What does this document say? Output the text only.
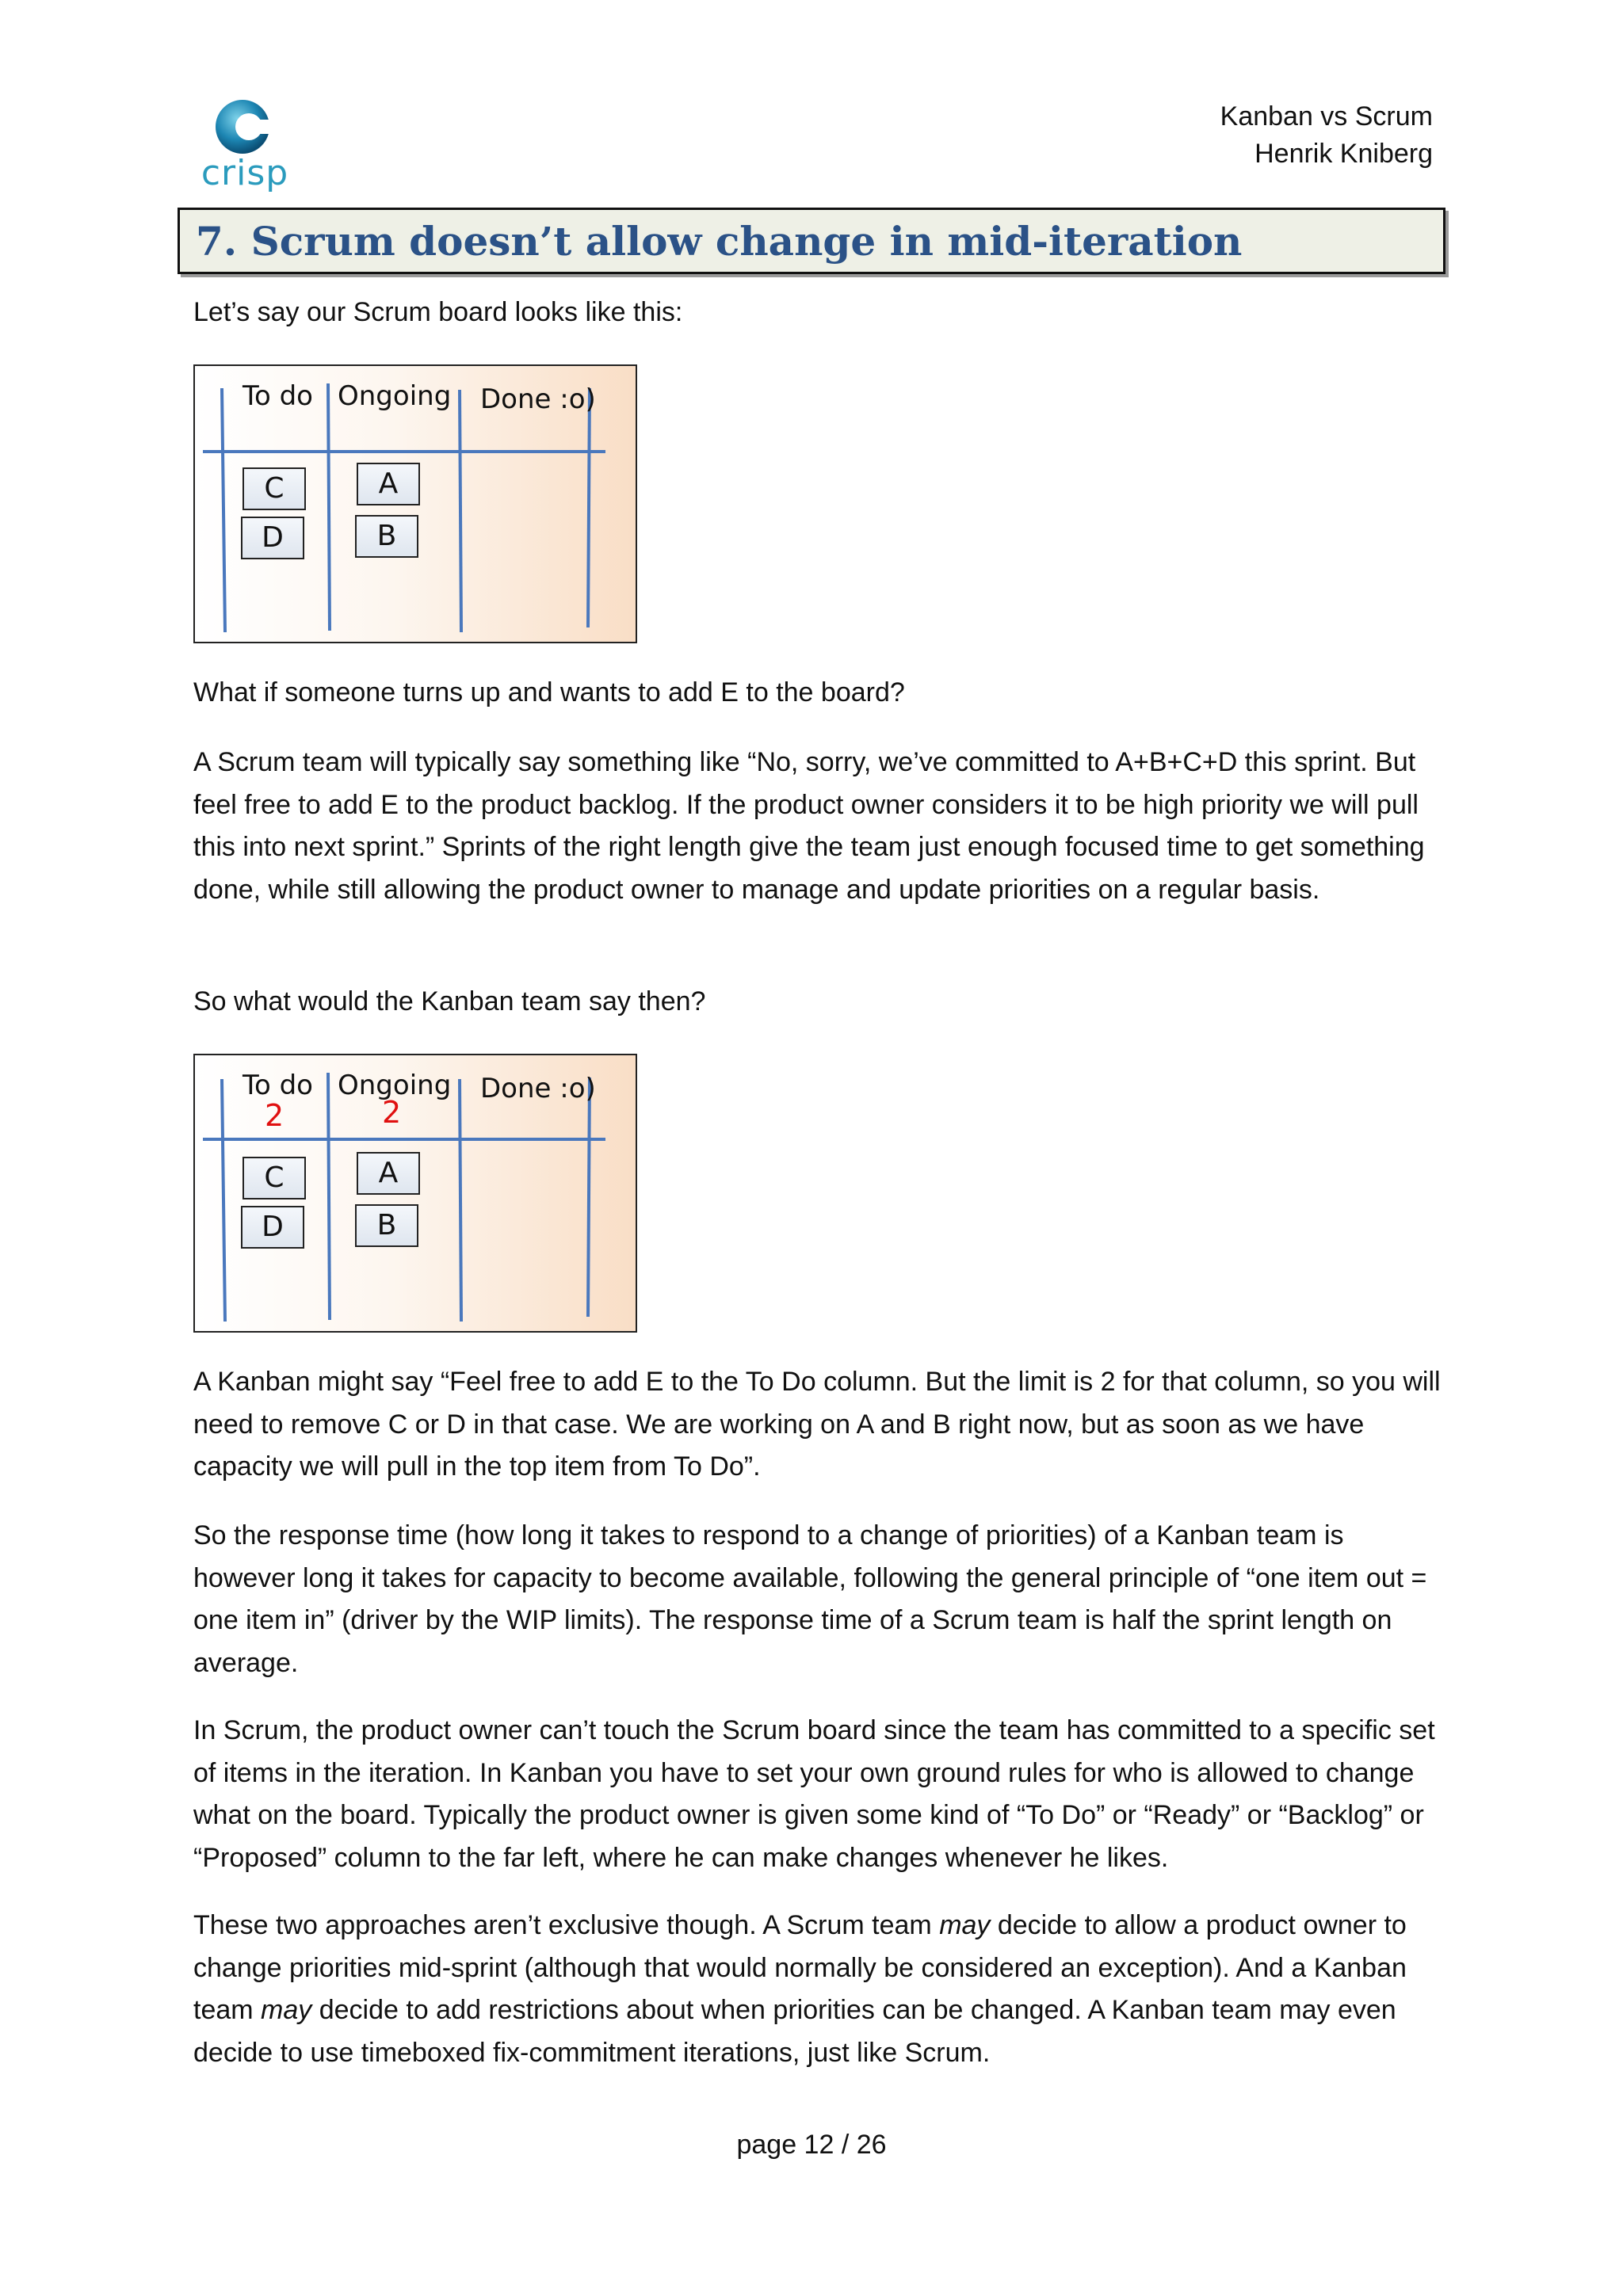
crisp
Kanban vs Scrum
Henrik Kniberg
7. Scrum doesn’t allow change in mid-iteration
Let’s say our Scrum board looks like this:
To do Ongoing Done :o)
C
D
A
B
What if someone turns up and wants to add E to the board?
A Scrum team will typically say something like “No, sorry, we’ve committed to A+B+C+D this sprint. But feel free to add E to the product backlog. If the product owner considers it to be high priority we will pull this into next sprint.” Sprints of the right length give the team just enough focused time to get something done, while still allowing the product owner to manage and update priorities on a regular basis.
So what would the Kanban team say then?
To do Ongoing Done :o)
2	2
C
D
A
B
A Kanban might say “Feel free to add E to the To Do column. But the limit is 2 for that column, so you will need to remove C or D in that case. We are working on A and B right now, but as soon as we have capacity we will pull in the top item from To Do”.
So the response time (how long it takes to respond to a change of priorities) of a Kanban team is however long it takes for capacity to become available, following the general principle of “one item out = one item in” (driver by the WIP limits). The response time of a Scrum team is half the sprint length on average.
In Scrum, the product owner can’t touch the Scrum board since the team has committed to a specific set of items in the iteration. In Kanban you have to set your own ground rules for who is allowed to change what on the board. Typically the product owner is given some kind of “To Do” or “Ready” or “Backlog” or “Proposed” column to the far left, where he can make changes whenever he likes.
These two approaches aren’t exclusive though. A Scrum team may decide to allow a product owner to change priorities mid-sprint (although that would normally be considered an exception). And a Kanban team may decide to add restrictions about when priorities can be changed. A Kanban team may even decide to use timeboxed fix-commitment iterations, just like Scrum.
page 12 / 26
